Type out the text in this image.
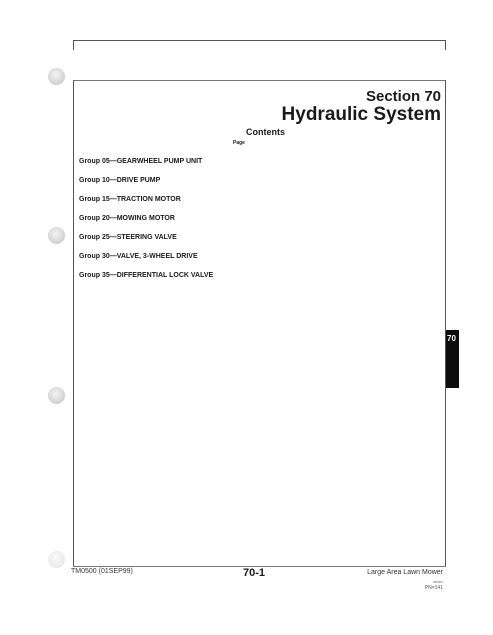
Section 70
Hydraulic System
Contents
Page
Group 05—GEARWHEEL PUMP UNIT
Group 10—DRIVE PUMP
Group 15—TRACTION MOTOR
Group 20—MOWING MOTOR
Group 25—STEERING VALVE
Group 30—VALVE, 3-WHEEL DRIVE
Group 35—DIFFERENTIAL LOCK VALVE
70
TM0500 (01SEP99)	70-1	Large Area Lawn Mower
080900
PN=141
